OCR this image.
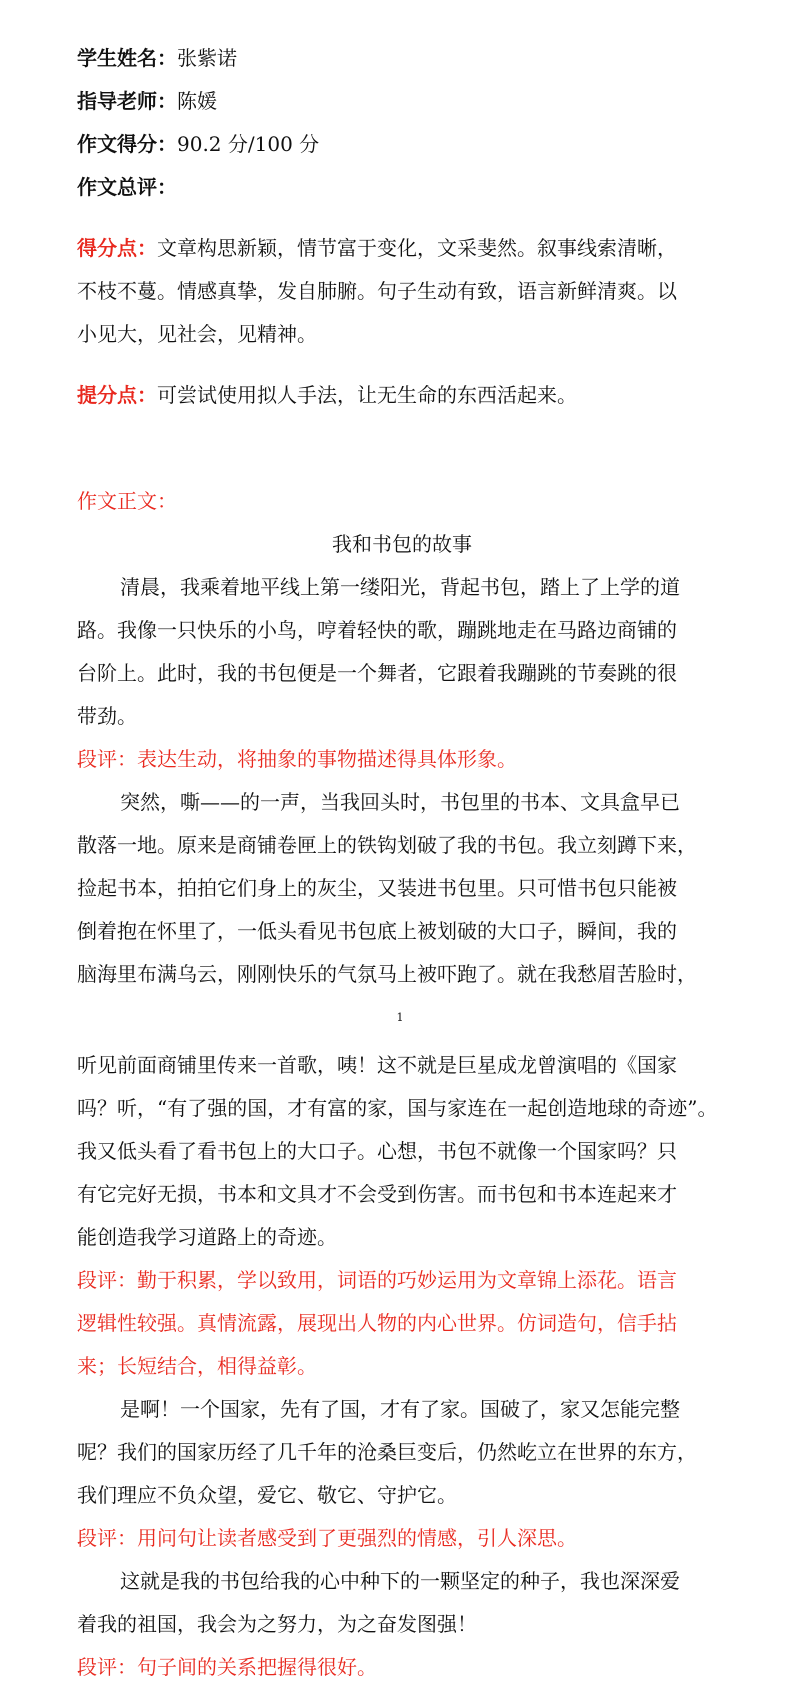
学生姓名：张紫诺
指导老师：陈媛
作文得分：90.2 分/100 分
作文总评：
得分点：文章构思新颖，情节富于变化，文采斐然。叙事线索清晰，
不枝不蔓。情感真挚，发自肺腑。句子生动有致，语言新鲜清爽。以
小见大，见社会，见精神。
提分点：可尝试使用拟人手法，让无生命的东西活起来。
作文正文：
我和书包的故事
清晨，我乘着地平线上第一缕阳光，背起书包，踏上了上学的道
路。我像一只快乐的小鸟，哼着轻快的歌，蹦跳地走在马路边商铺的
台阶上。此时，我的书包便是一个舞者，它跟着我蹦跳的节奏跳的很
带劲。
段评：表达生动，将抽象的事物描述得具体形象。
突然，嘶——的一声，当我回头时，书包里的书本、文具盒早已
散落一地。原来是商铺卷匣上的铁钩划破了我的书包。我立刻蹲下来，
捡起书本，拍拍它们身上的灰尘，又装进书包里。只可惜书包只能被
倒着抱在怀里了，一低头看见书包底上被划破的大口子，瞬间，我的
脑海里布满乌云，刚刚快乐的气氛马上被吓跑了。就在我愁眉苦脸时，
1
听见前面商铺里传来一首歌，咦！这不就是巨星成龙曾演唱的《国家
吗？听，“有了强的国，才有富的家，国与家连在一起创造地球的奇迹”。
我又低头看了看书包上的大口子。心想，书包不就像一个国家吗？只
有它完好无损，书本和文具才不会受到伤害。而书包和书本连起来才
能创造我学习道路上的奇迹。
段评：勤于积累，学以致用，词语的巧妙运用为文章锦上添花。语言
逻辑性较强。真情流露，展现出人物的内心世界。仿词造句，信手拈
来；长短结合，相得益彰。
是啊！一个国家，先有了国，才有了家。国破了，家又怎能完整
呢？我们的国家历经了几千年的沧桑巨变后，仍然屹立在世界的东方，
我们理应不负众望，爱它、敬它、守护它。
段评：用问句让读者感受到了更强烈的情感，引人深思。
这就是我的书包给我的心中种下的一颗坚定的种子，我也深深爱
着我的祖国，我会为之努力，为之奋发图强！
段评：句子间的关系把握得很好。
